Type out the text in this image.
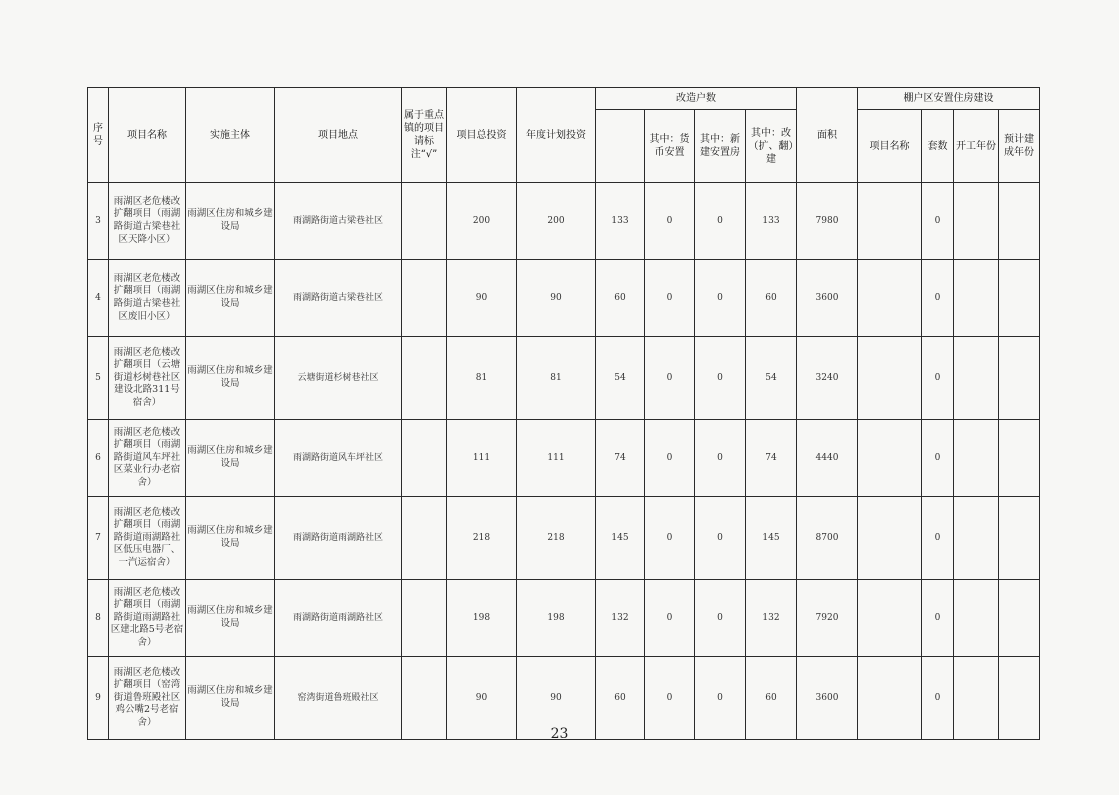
序号	项目名称	实施主体	项目地点	属于重点镇的项目请标注“√”	项目总投资	年度计划投资	改造户数				面积	棚户区安置住房建设			
								其中：货币安置	其中：新建安置房	其中：改（扩、翻）建		项目名称	套数	开工年份	预计建成年份
3	雨湖区老危楼改扩翻项目（雨湖路街道古梁巷社区天降小区）	雨湖区住房和城乡建设局	雨湖路街道古梁巷社区		200	200	133	0	0	133	7980		0		
4	雨湖区老危楼改扩翻项目（雨湖路街道古梁巷社区废旧小区）	雨湖区住房和城乡建设局	雨湖路街道古梁巷社区		90	90	60	0	0	60	3600		0		
5	雨湖区老危楼改扩翻项目（云塘街道杉树巷社区建设北路311号宿舍）	雨湖区住房和城乡建设局	云塘街道杉树巷社区		81	81	54	0	0	54	3240		0		
6	雨湖区老危楼改扩翻项目（雨湖路街道风车坪社区菜业行办老宿舍）	雨湖区住房和城乡建设局	雨湖路街道风车坪社区		111	111	74	0	0	74	4440		0		
7	雨湖区老危楼改扩翻项目（雨湖路街道雨湖路社区低压电器厂、一汽运宿舍）	雨湖区住房和城乡建设局	雨湖路街道雨湖路社区		218	218	145	0	0	145	8700		0		
8	雨湖区老危楼改扩翻项目（雨湖路街道雨湖路社区建北路5号老宿舍）	雨湖区住房和城乡建设局	雨湖路街道雨湖路社区		198	198	132	0	0	132	7920		0		
9	雨湖区老危楼改扩翻项目（窑湾街道鲁班殿社区鸡公嘴2号老宿舍）	雨湖区住房和城乡建设局	窑湾街道鲁班殿社区		90	90	60	0	0	60	3600		0		
23
